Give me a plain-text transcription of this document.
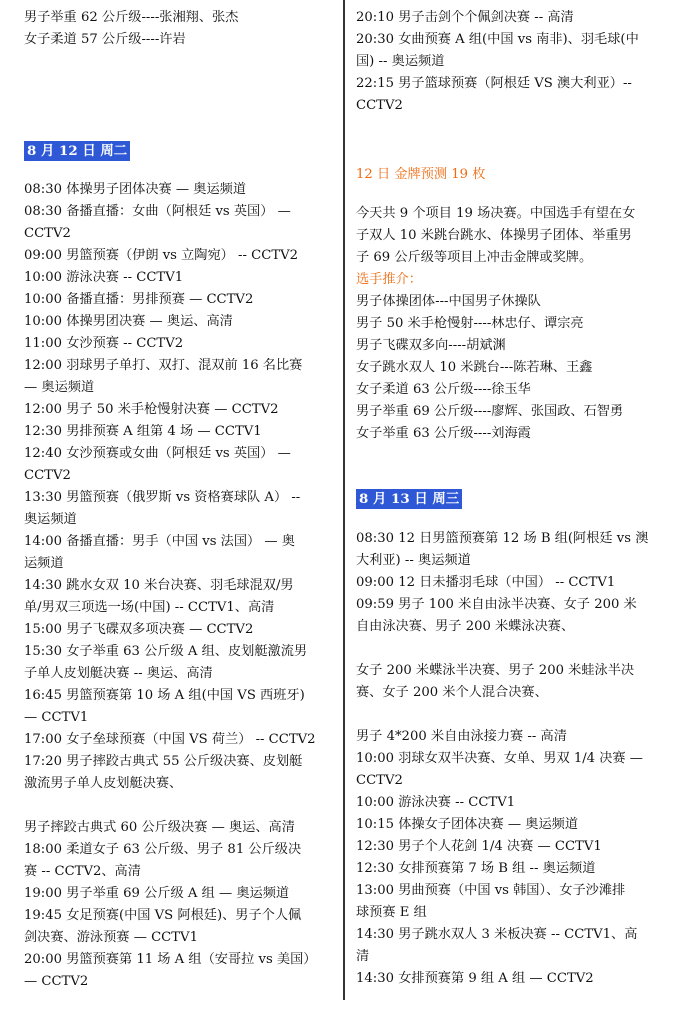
男子举重 62 公斤级----张湘翔、张杰
女子柔道 57 公斤级----许岩
8 月 12 日 周二
08:30 体操男子团体决赛 — 奥运频道
08:30 备播直播：女曲（阿根廷 vs 英国） —
CCTV2
09:00 男篮预赛（伊朗 vs 立陶宛） -- CCTV2
10:00 游泳决赛 -- CCTV1
10:00 备播直播：男排预赛 — CCTV2
10:00 体操男团决赛 — 奥运、高清
11:00 女沙预赛 -- CCTV2
12:00 羽球男子单打、双打、混双前 16 名比赛
— 奥运频道
12:00 男子 50 米手枪慢射决赛 — CCTV2
12:30 男排预赛 A 组第 4 场 — CCTV1
12:40 女沙预赛或女曲（阿根廷 vs 英国） —
CCTV2
13:30 男篮预赛（俄罗斯 vs 资格赛球队 A） --
奥运频道
14:00 备播直播：男手（中国 vs 法国） — 奥
运频道
14:30 跳水女双 10 米台决赛、羽毛球混双/男
单/男双三项选一场(中国) -- CCTV1、高清
15:00 男子飞碟双多项决赛 — CCTV2
15:30 女子举重 63 公斤级 A 组、皮划艇激流男
子单人皮划艇决赛 -- 奥运、高清
16:45 男篮预赛第 10 场 A 组(中国 VS 西班牙)
— CCTV1
17:00 女子垒球预赛（中国 VS 荷兰） -- CCTV2
17:20 男子摔跤古典式 55 公斤级决赛、皮划艇
激流男子单人皮划艇决赛、
男子摔跤古典式 60 公斤级决赛 — 奥运、高清
18:00 柔道女子 63 公斤级、男子 81 公斤级决
赛 -- CCTV2、高清
19:00 男子举重 69 公斤级 A 组 — 奥运频道
19:45 女足预赛(中国 VS 阿根廷)、男子个人佩
剑决赛、游泳预赛 — CCTV1
20:00 男篮预赛第 11 场 A 组（安哥拉 vs 美国）
— CCTV2
20:10 男子击剑个个佩剑决赛 -- 高清
20:30 女曲预赛 A 组(中国 vs 南非)、羽毛球(中
国) -- 奥运频道
22:15 男子篮球预赛（阿根廷 VS 澳大利亚）--
CCTV2
12 日 金牌预测 19 枚
今天共 9 个项目 19 场决赛。中国选手有望在女
子双人 10 米跳台跳水、体操男子团体、举重男
子 69 公斤级等项目上冲击金牌或奖牌。
选手推介：
男子体操团体---中国男子休操队
男子 50 米手枪慢射----林忠仔、谭宗亮
男子飞碟双多向----胡斌渊
女子跳水双人 10 米跳台---陈若琳、王鑫
女子柔道 63 公斤级----徐玉华
男子举重 69 公斤级----廖辉、张国政、石智勇
女子举重 63 公斤级----刘海霞
8 月 13 日 周三
08:30 12 日男篮预赛第 12 场 B 组(阿根廷 vs 澳
大利亚) -- 奥运频道
09:00 12 日未播羽毛球（中国） -- CCTV1
09:59 男子 100 米自由泳半决赛、女子 200 米
自由泳决赛、男子 200 米蝶泳决赛、
女子 200 米蝶泳半决赛、男子 200 米蛙泳半决
赛、女子 200 米个人混合决赛、
男子 4*200 米自由泳接力赛 -- 高清
10:00 羽球女双半决赛、女单、男双 1/4 决赛 —
CCTV2
10:00 游泳决赛 -- CCTV1
10:15 体操女子团体决赛 — 奥运频道
12:30 男子个人花剑 1/4 决赛 — CCTV1
12:30 女排预赛第 7 场 B 组 -- 奥运频道
13:00 男曲预赛（中国 vs 韩国）、女子沙滩排
球预赛 E 组
14:30 男子跳水双人 3 米板决赛 -- CCTV1、高
清
14:30 女排预赛第 9 组 A 组 — CCTV2
